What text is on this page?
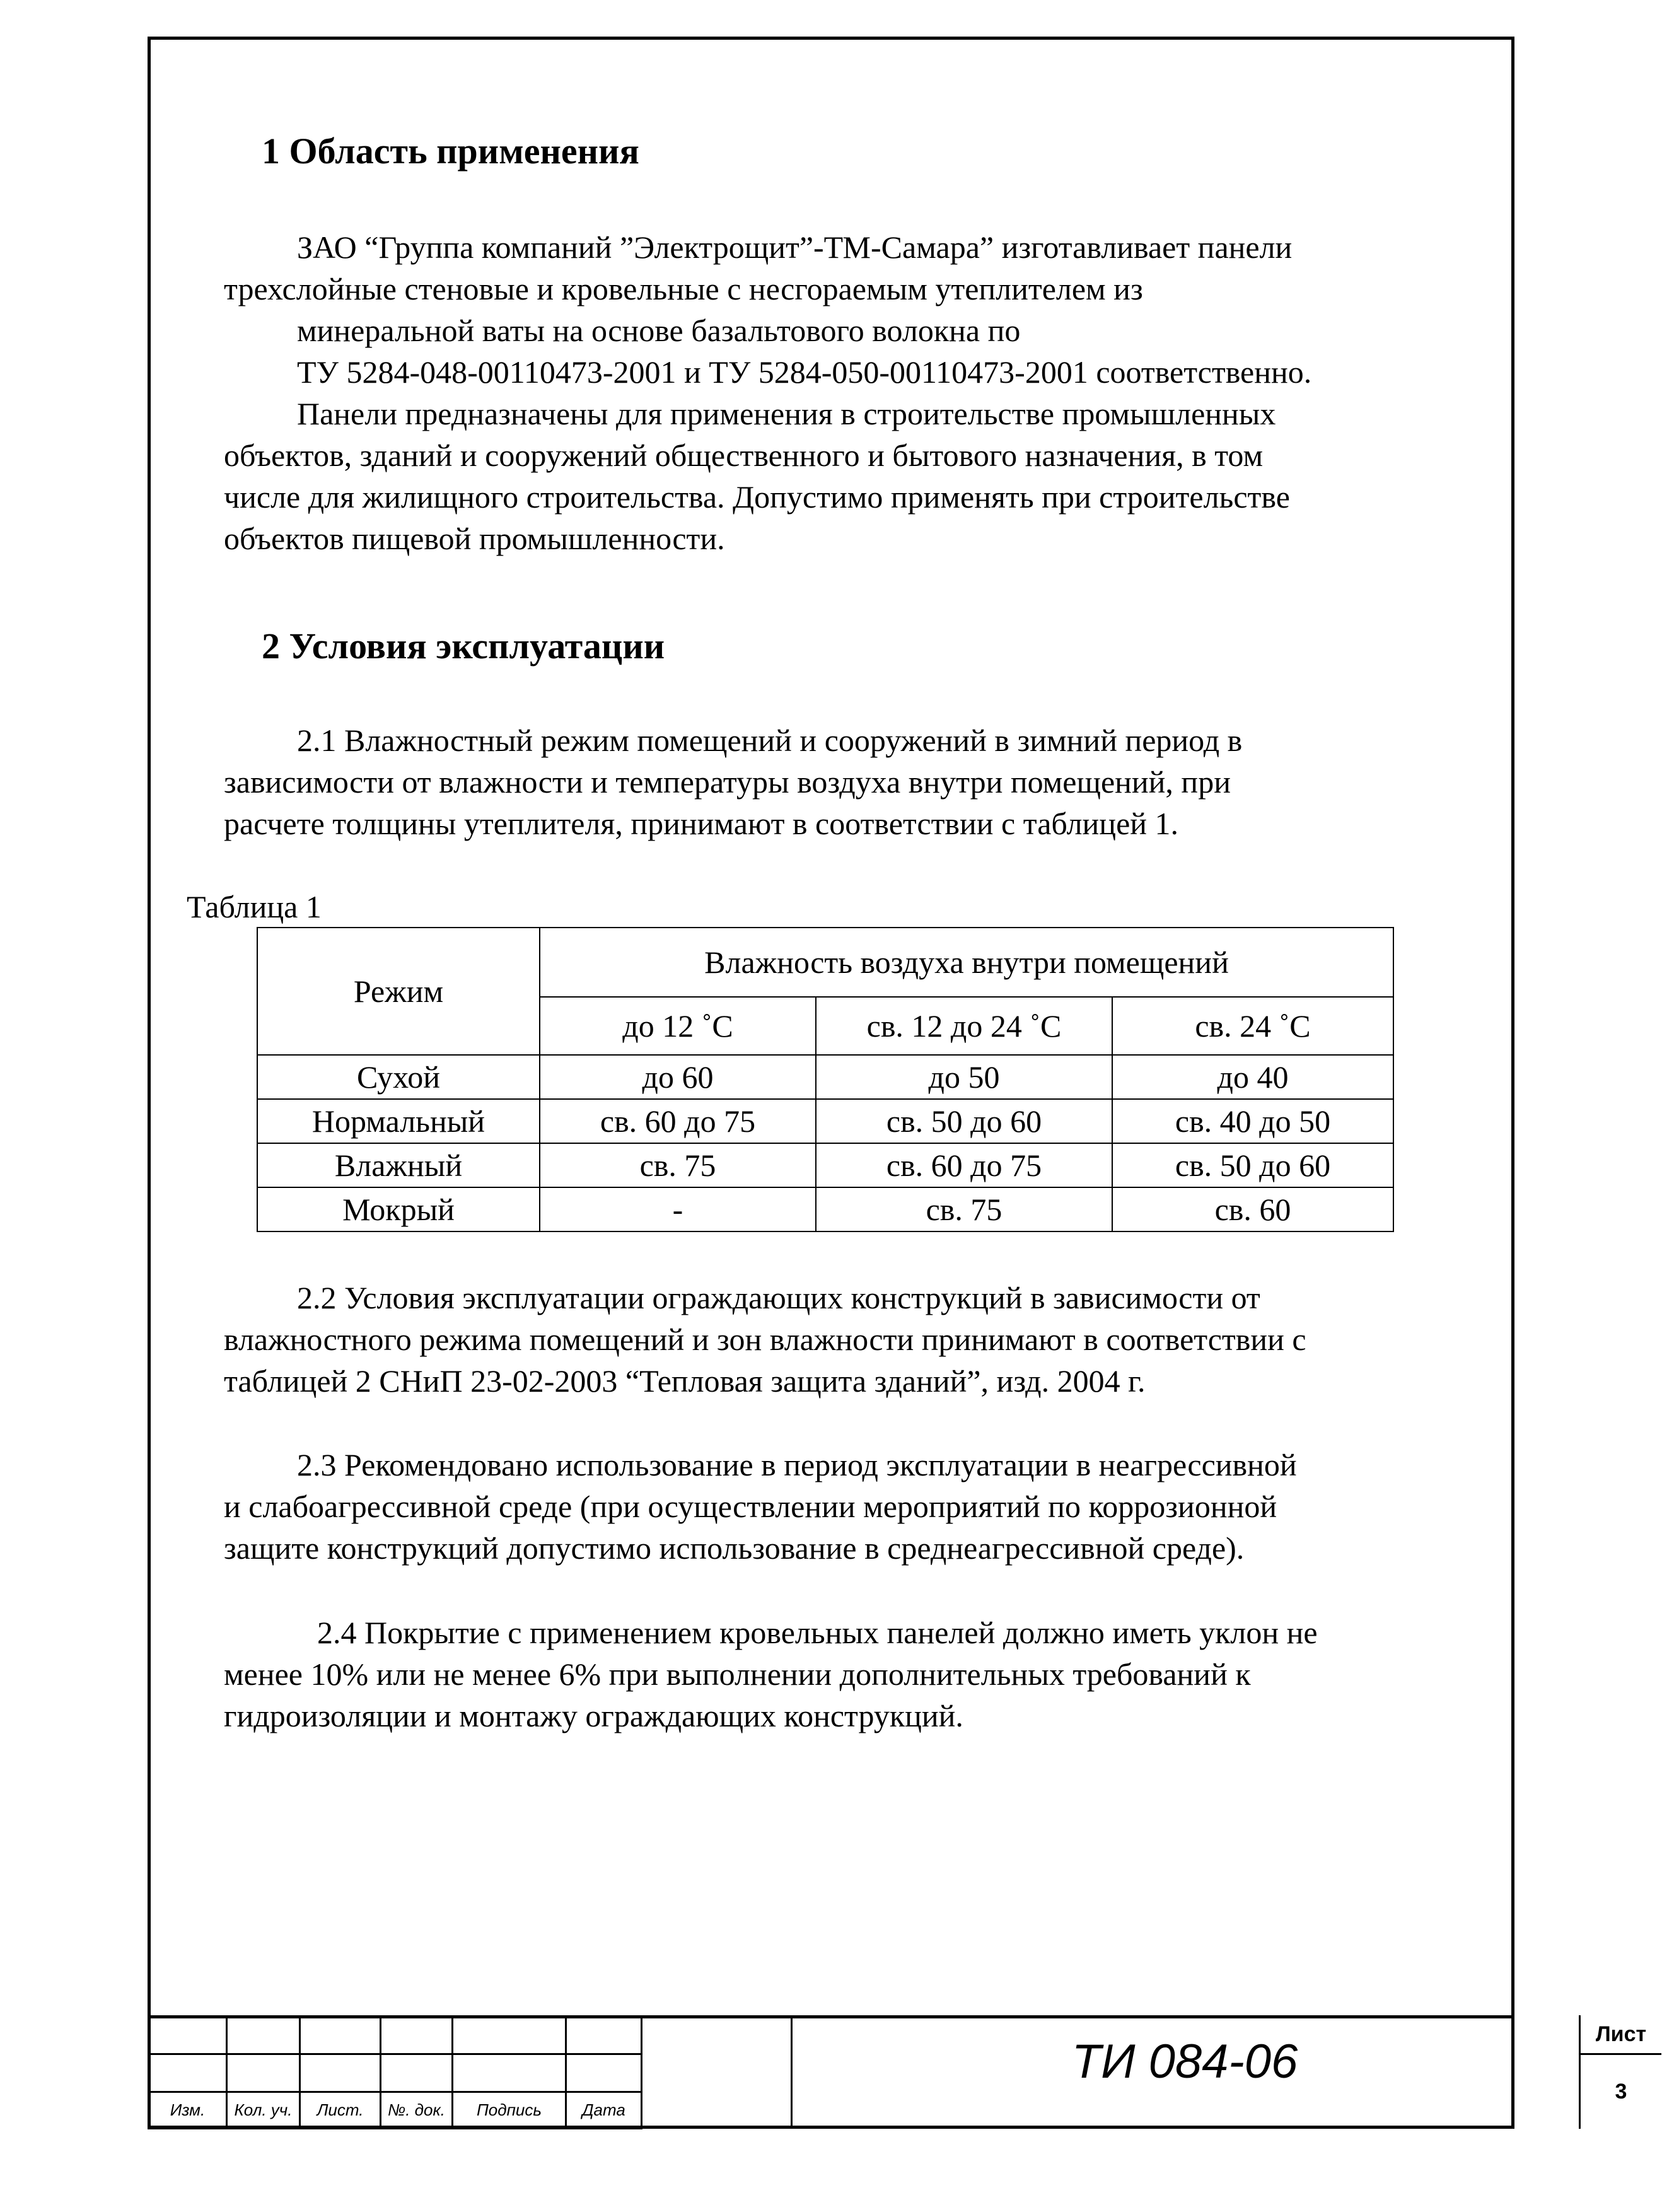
1 Область применения
ЗАО “Группа компаний ”Электрощит”-ТМ-Самара” изготавливает панели
трехслойные стеновые и кровельные с несгораемым утеплителем из
минеральной ваты на основе базальтового волокна по
ТУ 5284-048-00110473-2001 и ТУ 5284-050-00110473-2001 соответственно.
Панели предназначены для применения в строительстве промышленных
объектов, зданий и сооружений общественного и бытового назначения, в том
числе для жилищного строительства. Допустимо применять при строительстве
объектов пищевой промышленности.
2 Условия эксплуатации
2.1 Влажностный режим помещений и сооружений в зимний период в
зависимости от влажности и температуры воздуха внутри помещений, при
расчете толщины утеплителя, принимают в соответствии с таблицей 1.
Таблица 1
Режим	Влажность воздуха внутри помещений		
	до 12 ˚С	св. 12 до 24 ˚С	св. 24 ˚С
Сухой	до 60	до 50	до 40
Нормальный	св. 60 до 75	св. 50 до 60	св. 40 до 50
Влажный	св. 75	св. 60 до 75	св. 50 до 60
Мокрый	-	св. 75	св. 60
2.2 Условия эксплуатации ограждающих конструкций в зависимости от
влажностного режима помещений и зон влажности принимают в соответствии с
таблицей 2 СНиП 23-02-2003 “Тепловая защита зданий”, изд. 2004 г.
2.3 Рекомендовано использование в период эксплуатации в неагрессивной
и слабоагрессивной среде (при осуществлении мероприятий по коррозионной
защите конструкций допустимо использование в среднеагрессивной среде).
2.4 Покрытие с применением кровельных панелей должно иметь уклон не
менее 10% или не менее 6% при выполнении дополнительных требований к
гидроизоляции и монтажу ограждающих конструкций.

Изм.	Кол. уч.	Лист.	№. док.	Подпись	Дата
ТИ 084-06
Лист
3
